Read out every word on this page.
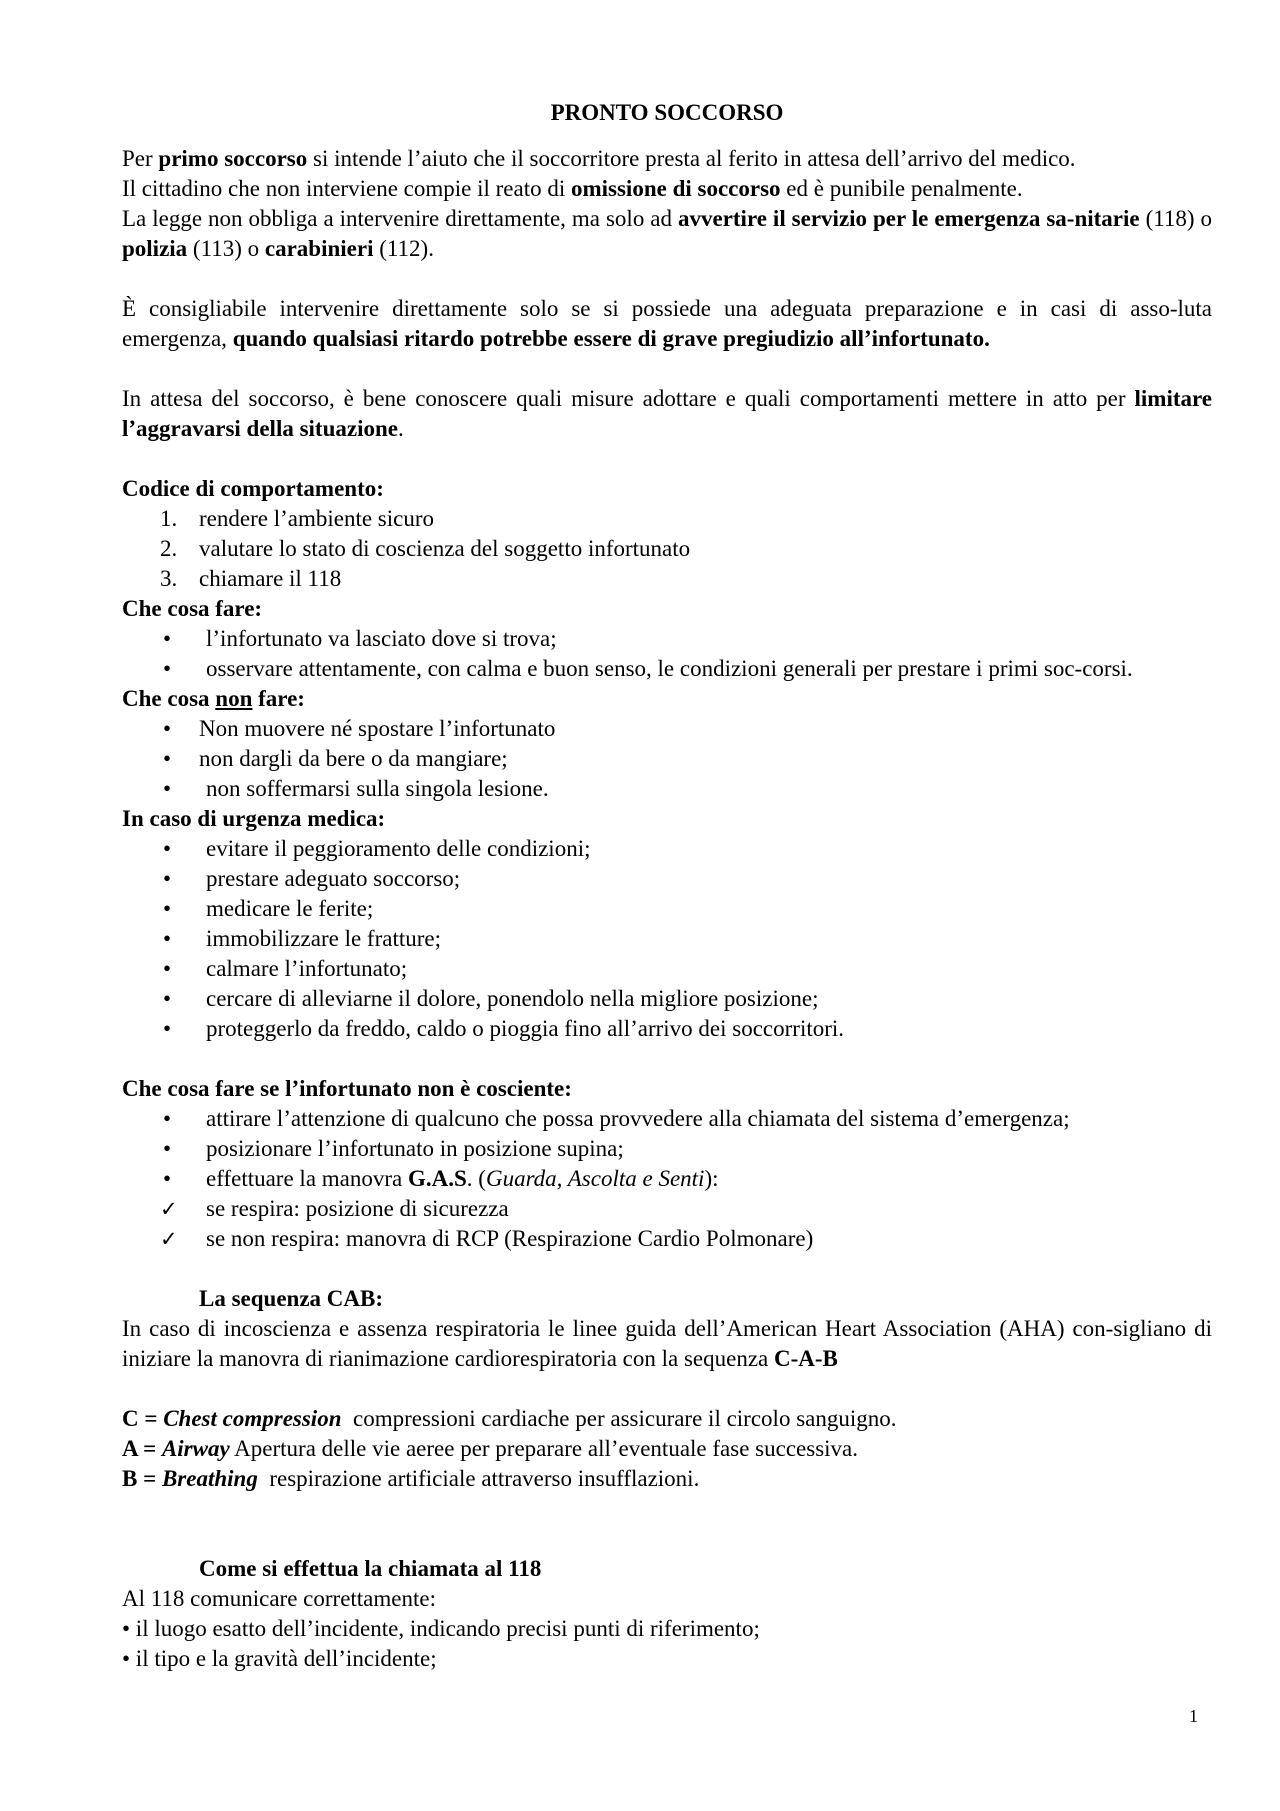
PRONTO SOCCORSO

Per primo soccorso si intende l’aiuto che il soccorritore presta al ferito in attesa dell’arrivo del medico.

Il cittadino che non interviene compie il reato di omissione di soccorso ed è punibile penalmente.

La legge non obbliga a intervenire direttamente, ma solo ad avvertire il servizio per le emergenza sa-nitarie (118) o polizia (113) o carabinieri (112).

È consigliabile intervenire direttamente solo se si possiede una adeguata preparazione e in casi di asso-luta emergenza, quando qualsiasi ritardo potrebbe essere di grave pregiudizio all’infortunato.

In attesa del soccorso, è bene conoscere quali misure adottare e quali comportamenti mettere in atto per limitare l’aggravarsi della situazione.

Codice di comportamento:

1. rendere l’ambiente sicuro
2. valutare lo stato di coscienza del soggetto infortunato
3. chiamare il 118

Che cosa fare:

• l’infortunato va lasciato dove si trova;
• osservare attentamente, con calma e buon senso, le condizioni generali per prestare i primi soc-corsi.

Che cosa non fare:

• Non muovere né spostare l’infortunato
• non dargli da bere o da mangiare;
• non soffermarsi sulla singola lesione.

In caso di urgenza medica:

• evitare il peggioramento delle condizioni;
• prestare adeguato soccorso;
• medicare le ferite;
• immobilizzare le fratture;
• calmare l’infortunato;
• cercare di alleviarne il dolore, ponendolo nella migliore posizione;
• proteggerlo da freddo, caldo o pioggia fino all’arrivo dei soccorritori.

Che cosa fare se l’infortunato non è cosciente:

• attirare l’attenzione di qualcuno che possa provvedere alla chiamata del sistema d’emergenza;
• posizionare l’infortunato in posizione supina;
• effettuare la manovra G.A.S. (Guarda, Ascolta e Senti):
✓ se respira: posizione di sicurezza
✓ se non respira: manovra di RCP (Respirazione Cardio Polmonare)

La sequenza CAB:

In caso di incoscienza e assenza respiratoria le linee guida dell’American Heart Association (AHA) con-sigliano di iniziare la manovra di rianimazione cardiorespiratoria con la sequenza C-A-B

C = Chest compression  compressioni cardiache per assicurare il circolo sanguigno.

A = Airway Apertura delle vie aeree per preparare all’eventuale fase successiva.

B = Breathing  respirazione artificiale attraverso insufflazioni.

Come si effettua la chiamata al 118

Al 118 comunicare correttamente:

• il luogo esatto dell’incidente, indicando precisi punti di riferimento;

• il tipo e la gravità dell’incidente;

1
